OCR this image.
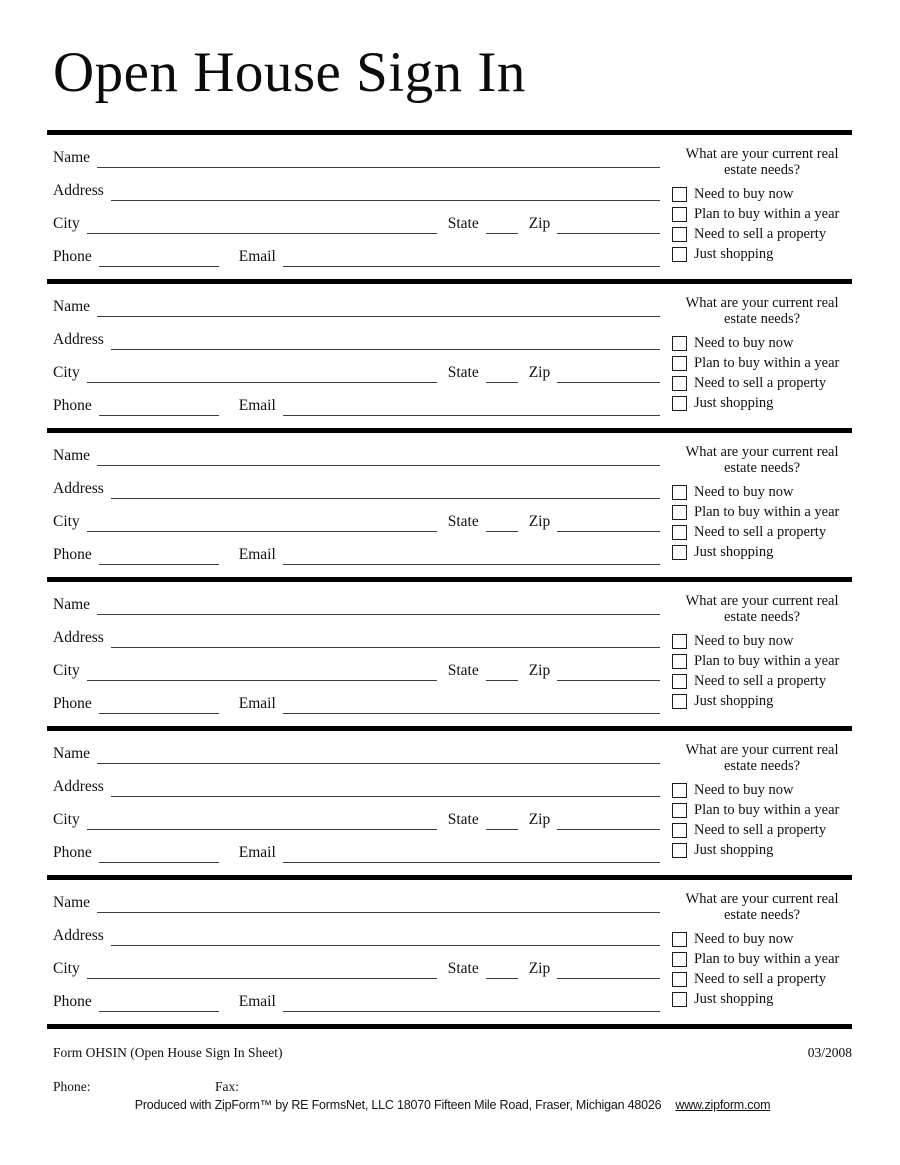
Open House Sign In
Name
Address
City	State	Zip
Phone	Email
What are your current real
estate needs?
Need to buy now
Plan to buy within a year
Need to sell a property
Just shopping
Name
Address
City	State	Zip
Phone	Email
What are your current real
estate needs?
Need to buy now
Plan to buy within a year
Need to sell a property
Just shopping
Name
Address
City	State	Zip
Phone	Email
What are your current real
estate needs?
Need to buy now
Plan to buy within a year
Need to sell a property
Just shopping
Name
Address
City	State	Zip
Phone	Email
What are your current real
estate needs?
Need to buy now
Plan to buy within a year
Need to sell a property
Just shopping
Name
Address
City	State	Zip
Phone	Email
What are your current real
estate needs?
Need to buy now
Plan to buy within a year
Need to sell a property
Just shopping
Name
Address
City	State	Zip
Phone	Email
What are your current real
estate needs?
Need to buy now
Plan to buy within a year
Need to sell a property
Just shopping
Form OHSIN (Open House Sign In Sheet)	03/2008
Phone:	Fax:
Produced with ZipForm™ by RE FormsNet, LLC 18070 Fifteen Mile Road, Fraser, Michigan 48026 www.zipform.com
